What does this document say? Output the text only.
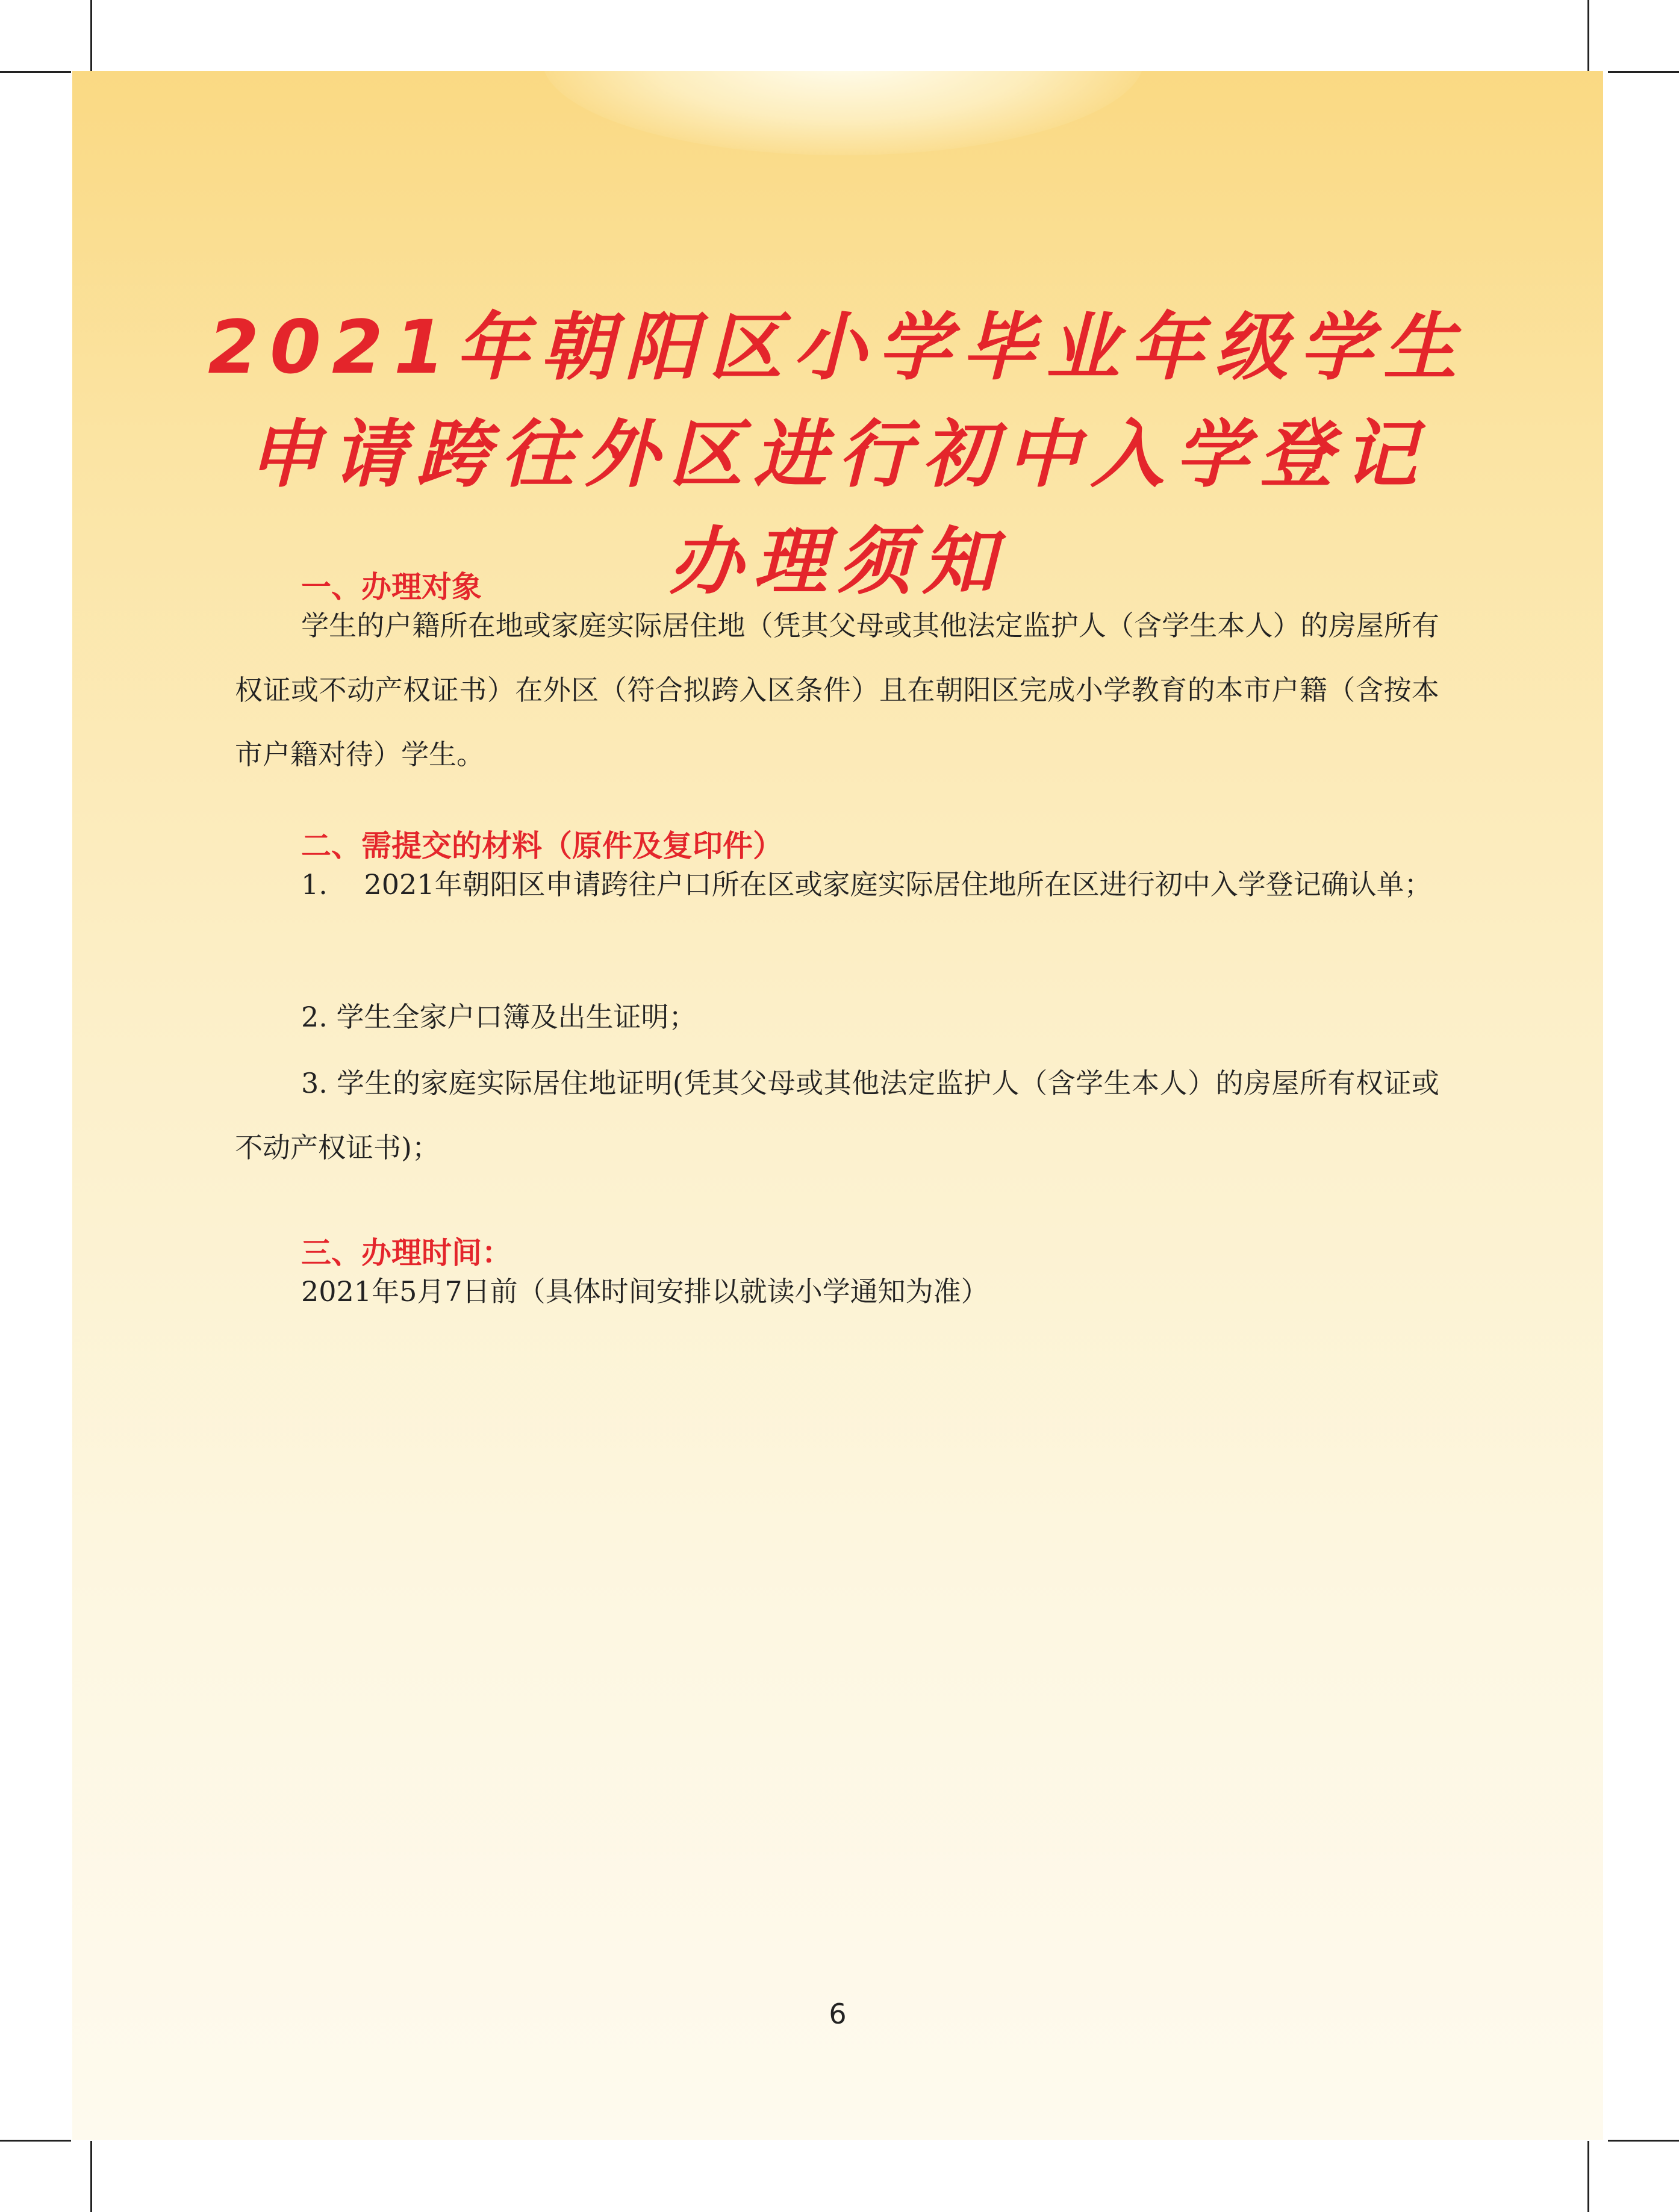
2021年朝阳区小学毕业年级学生
申请跨往外区进行初中入学登记
办理须知
一、办理对象
学生的户籍所在地或家庭实际居住地（凭其父母或其他法定监护人（含学生本人）的房屋所有权证或不动产权证书）在外区（符合拟跨入区条件）且在朝阳区完成小学教育的本市户籍（含按本市户籍对待）学生。
二、需提交的材料（原件及复印件）
1.　 2021年朝阳区申请跨往户口所在区或家庭实际居住地所在区进行初中入学登记确认单；
2. 学生全家户口簿及出生证明；
3. 学生的家庭实际居住地证明(凭其父母或其他法定监护人（含学生本人）的房屋所有权证或不动产权证书)；
三、办理时间：
2021年5月7日前（具体时间安排以就读小学通知为准）
6
